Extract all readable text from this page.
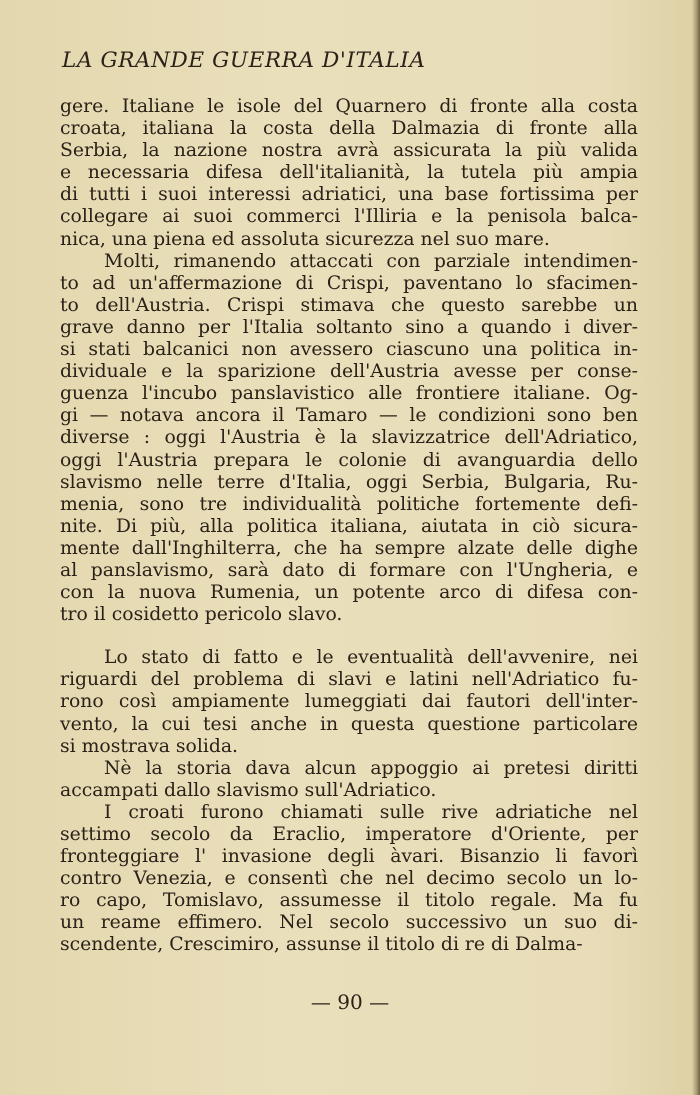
LA GRANDE GUERRA D'ITALIA
gere. Italiane le isole del Quarnero di fronte alla costa
croata, italiana la costa della Dalmazia di fronte alla
Serbia, la nazione nostra avrà assicurata la più valida
e necessaria difesa dell'italianità, la tutela più ampia
di tutti i suoi interessi adriatici, una base fortissima per
collegare ai suoi commerci l'Illiria e la penisola balca-
nica, una piena ed assoluta sicurezza nel suo mare.
Molti, rimanendo attaccati con parziale intendimen-
to ad un'affermazione di Crispi, paventano lo sfacimen-
to dell'Austria. Crispi stimava che questo sarebbe un
grave danno per l'Italia soltanto sino a quando i diver-
si stati balcanici non avessero ciascuno una politica in-
dividuale e la sparizione dell'Austria avesse per conse-
guenza l'incubo panslavistico alle frontiere italiane. Og-
gi — notava ancora il Tamaro — le condizioni sono ben
diverse : oggi l'Austria è la slavizzatrice dell'Adriatico,
oggi l'Austria prepara le colonie di avanguardia dello
slavismo nelle terre d'Italia, oggi Serbia, Bulgaria, Ru-
menia, sono tre individualità politiche fortemente defi-
nite. Di più, alla politica italiana, aiutata in ciò sicura-
mente dall'Inghilterra, che ha sempre alzate delle dighe
al panslavismo, sarà dato di formare con l'Ungheria, e
con la nuova Rumenia, un potente arco di difesa con-
tro il cosidetto pericolo slavo.
Lo stato di fatto e le eventualità dell'avvenire, nei
riguardi del problema di slavi e latini nell'Adriatico fu-
rono così ampiamente lumeggiati dai fautori dell'inter-
vento, la cui tesi anche in questa questione particolare
si mostrava solida.
Nè la storia dava alcun appoggio ai pretesi diritti
accampati dallo slavismo sull'Adriatico.
I croati furono chiamati sulle rive adriatiche nel
settimo secolo da Eraclio, imperatore d'Oriente, per
fronteggiare l' invasione degli àvari. Bisanzio li favorì
contro Venezia, e consentì che nel decimo secolo un lo-
ro capo, Tomislavo, assumesse il titolo regale. Ma fu
un reame effimero. Nel secolo successivo un suo di-
scendente, Crescimiro, assunse il titolo di re di Dalma-
— 90 —
